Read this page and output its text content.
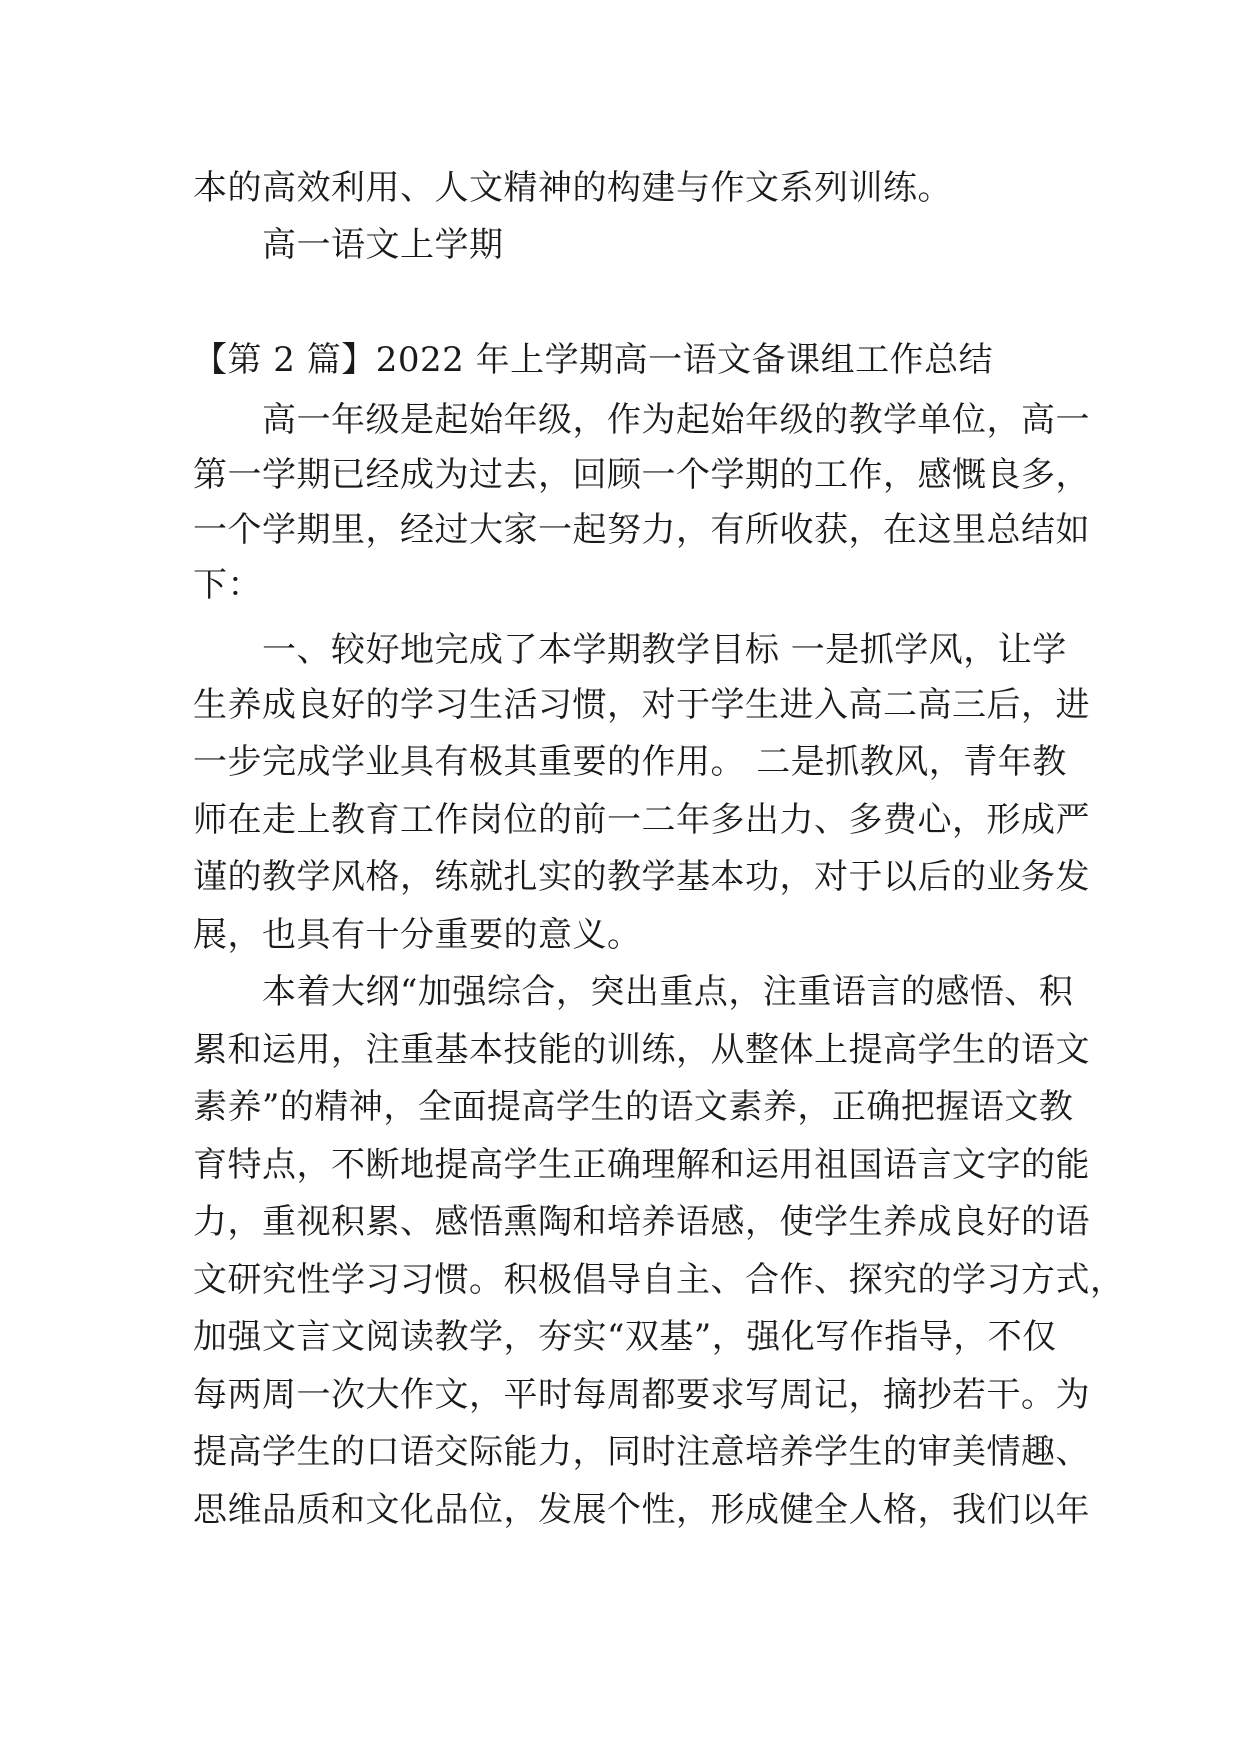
本的高效利用、人文精神的构建与作文系列训练。
高一语文上学期
【第 2 篇】2022 年上学期高一语文备课组工作总结
高一年级是起始年级，作为起始年级的教学单位，高一
第一学期已经成为过去，回顾一个学期的工作，感慨良多，
一个学期里，经过大家一起努力，有所收获，在这里总结如
下：
一、较好地完成了本学期教学目标 一是抓学风，让学
生养成良好的学习生活习惯，对于学生进入高二高三后，进
一步完成学业具有极其重要的作用。 二是抓教风，青年教
师在走上教育工作岗位的前一二年多出力、多费心，形成严
谨的教学风格，练就扎实的教学基本功，对于以后的业务发
展，也具有十分重要的意义。
本着大纲“加强综合，突出重点，注重语言的感悟、积
累和运用，注重基本技能的训练，从整体上提高学生的语文
素养”的精神，全面提高学生的语文素养，正确把握语文教
育特点，不断地提高学生正确理解和运用祖国语言文字的能
力，重视积累、感悟熏陶和培养语感，使学生养成良好的语
文研究性学习习惯。积极倡导自主、合作、探究的学习方式，
加强文言文阅读教学，夯实“双基”，强化写作指导，不仅
每两周一次大作文，平时每周都要求写周记，摘抄若干。为
提高学生的口语交际能力，同时注意培养学生的审美情趣、
思维品质和文化品位，发展个性，形成健全人格，我们以年
